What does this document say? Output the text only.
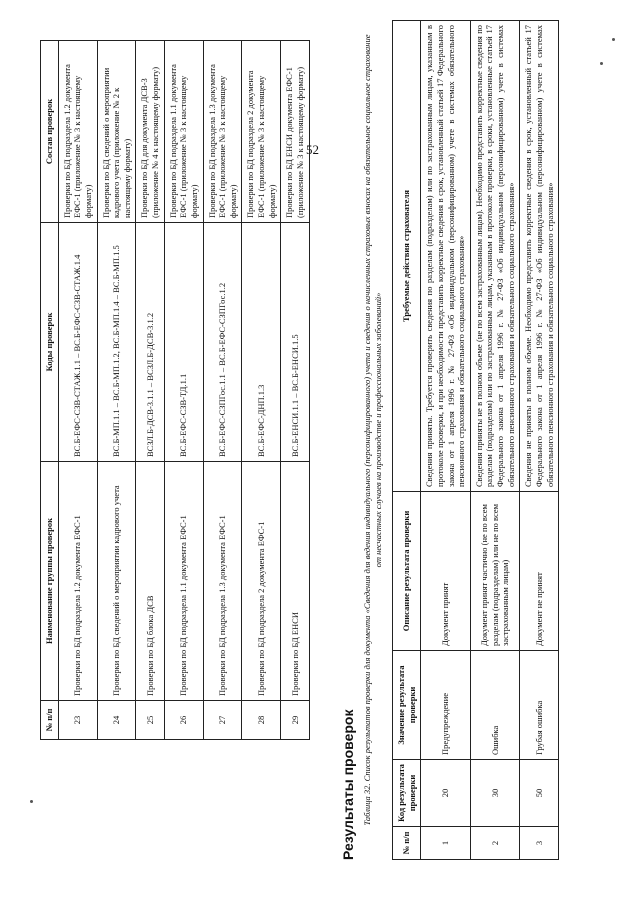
52
№ п/п	Наименование группы проверок	Коды проверок	Состав проверок
23	Проверки по БД подраздела 1.2 документа ЕФС-1	ВС.Б-ЕФС-СЗВ-СТАЖ.1.1 – ВС.Б-ЕФС-СЗВ-СТАЖ.1.4	Проверки по БД подраздела 1.2 документа ЕФС-1 (приложение № 3 к настоящему формату)
24	Проверки по БД сведений о мероприятии кадрового учета	ВС.Б-МП.1.1 – ВС.Б-МП.1.2, ВС.Б-МП.1.4 – ВС.Б-МП.1.5	Проверки по БД сведений о мероприятии кадрового учета (приложение № 2 к настоящему формату)
25	Проверки по БД блока ДСВ	ВСЗЛ.Б-ДСВ-3.1.1 – ВСЗЛ.Б-ДСВ-3.1.2	Проверки по БД для документа ДСВ-3 (приложение № 4 к настоящему формату)
26	Проверки по БД подраздела 1.1 документа ЕФС-1	ВС.Б-ЕФС-СЗВ-ТД.1.1	Проверки по БД подраздела 1.1 документа ЕФС-1 (приложение № 3 к настоящему формату)
27	Проверки по БД подраздела 1.3 документа ЕФС-1	ВС.Б-ЕФС-СЗПГос.1.1 – ВС.Б-ЕФС-СЗПГос.1.2	Проверки по БД подраздела 1.3 документа ЕФС-1 (приложение № 3 к настоящему формату)
28	Проверки по БД подраздела 2 документа ЕФС-1	ВС.Б-ЕФС-ДНП.1.3	Проверки по БД подраздела 2 документа ЕФС-1 (приложение № 3 к настоящему формату)
29	Проверки по БД ЕНСИ	ВС.Б-ЕНСИ.1.1 – ВС.Б-ЕНСИ.1.5	Проверки по БД ЕНСИ документа ЕФС-1 (приложение № 3 к настоящему формату)
Результаты проверок Таблица 32. Список результатов проверки для документа «Сведения для ведения индивидуального (персонифицированного) учета и сведения о начисленных страховых взносах на обязательное социальное страхование от несчастных случаев на производстве и профессиональных заболеваний»
№ п/п	Код результата проверки	Значение результата проверки	Описание результата проверки	Требуемые действия страхователя
1	20	Предупреждение	Документ принят	Сведения приняты. Требуется проверить сведения по разделам (подразделам) или по застрахованным лицам, указанным в протоколе проверки, и при необходимости представить корректные сведения в срок, установленный статьей 17 Федерального закона от 1 апреля 1996 г. № 27-ФЗ «Об индивидуальном (персонифицированном) учете в системах обязательного пенсионного страхования и обязательного социального страхования»
2	30	Ошибка	Документ принят частично (не по всем разделам (подразделам) или не по всем застрахованным лицам)	Сведения приняты не в полном объеме (не по всем застрахованным лицам). Необходимо представить корректные сведения по разделам (подразделам) или по застрахованным лицам, указанным в протоколе проверки, в сроки, установленные статьей 17 Федерального закона от 1 апреля 1996 г. № 27-ФЗ «Об индивидуальном (персонифицированном) учете в системах обязательного пенсионного страхования и обязательного социального страхования»
3	50	Грубая ошибка	Документ не принят	Сведения не приняты в полном объеме. Необходимо представить корректные сведения в срок, установленный статьей 17 Федерального закона от 1 апреля 1996 г. № 27-ФЗ «Об индивидуальном (персонифицированном) учете в системах обязательного пенсионного страхования и обязательного социального страхования»
